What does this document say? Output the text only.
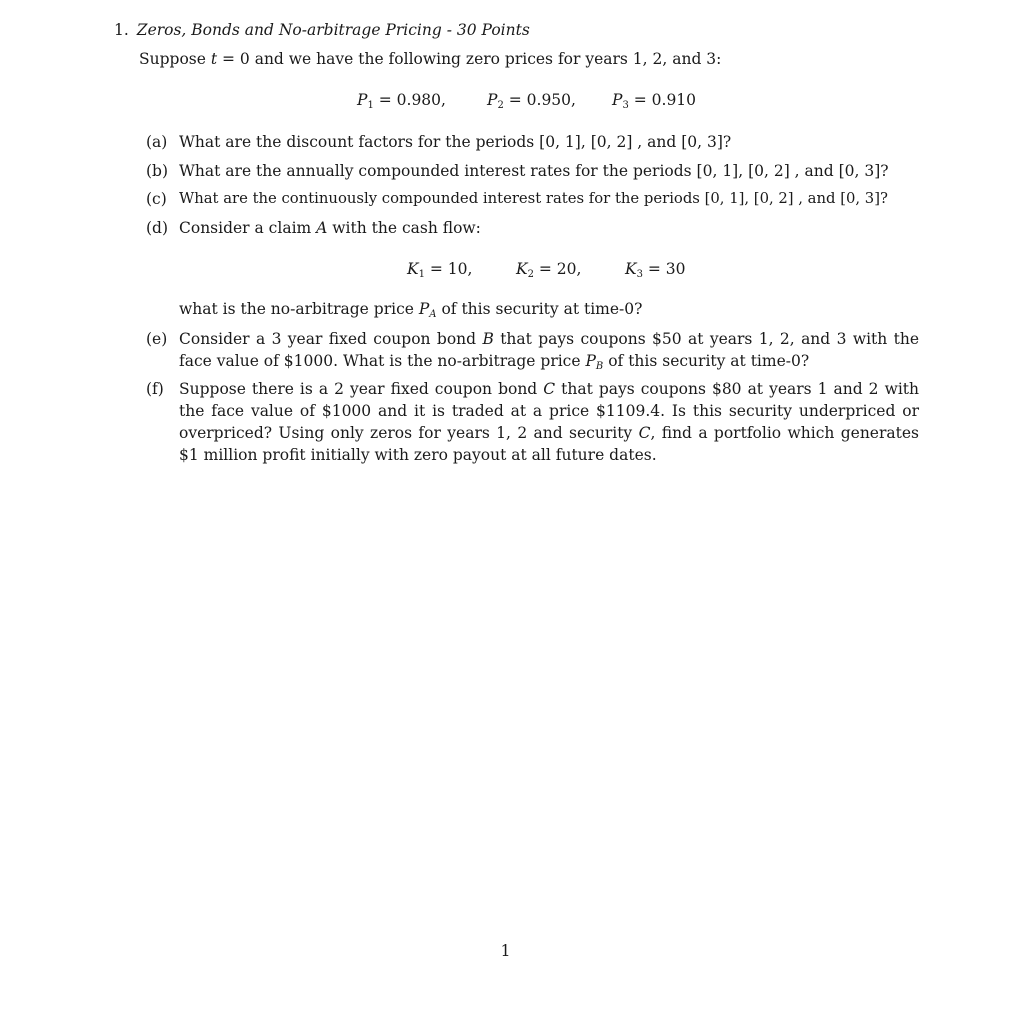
1. Zeros, Bonds and No-arbitrage Pricing - 30 Points
Suppose t = 0 and we have the following zero prices for years 1, 2, and 3:
$P_1 = 0.980$,	$P_2 = 0.950$, $P_3 = 0.910$
(a) What are the discount factors for the periods [0, 1], [0, 2] , and [0, 3]?
(b) What are the annually compounded interest rates for the periods [0, 1], [0, 2] , and [0, 3]?
(c) What are the continuously compounded interest rates for the periods [0, 1], [0, 2] , and [0, 3]?
(d) Consider a claim A with the cash flow:
$K_1 = 10$,	$K_2 = 20$,	$K_3 = 30$
what is the no-arbitrage price $P_A$ of this security at time-0?
(e) Consider a 3 year fixed coupon bond B that pays coupons $50 at years 1, 2, and 3 with the face value of $1000. What is the no-arbitrage price $P_B$ of this security at time-0?
(f) Suppose there is a 2 year fixed coupon bond C that pays coupons $80 at years 1 and 2 with the face value of $1000 and it is traded at a price $1109.4. Is this security underpriced or overpriced? Using only zeros for years 1, 2 and security C, find a portfolio which generates $1 million profit initially with zero payout at all future dates.
1
